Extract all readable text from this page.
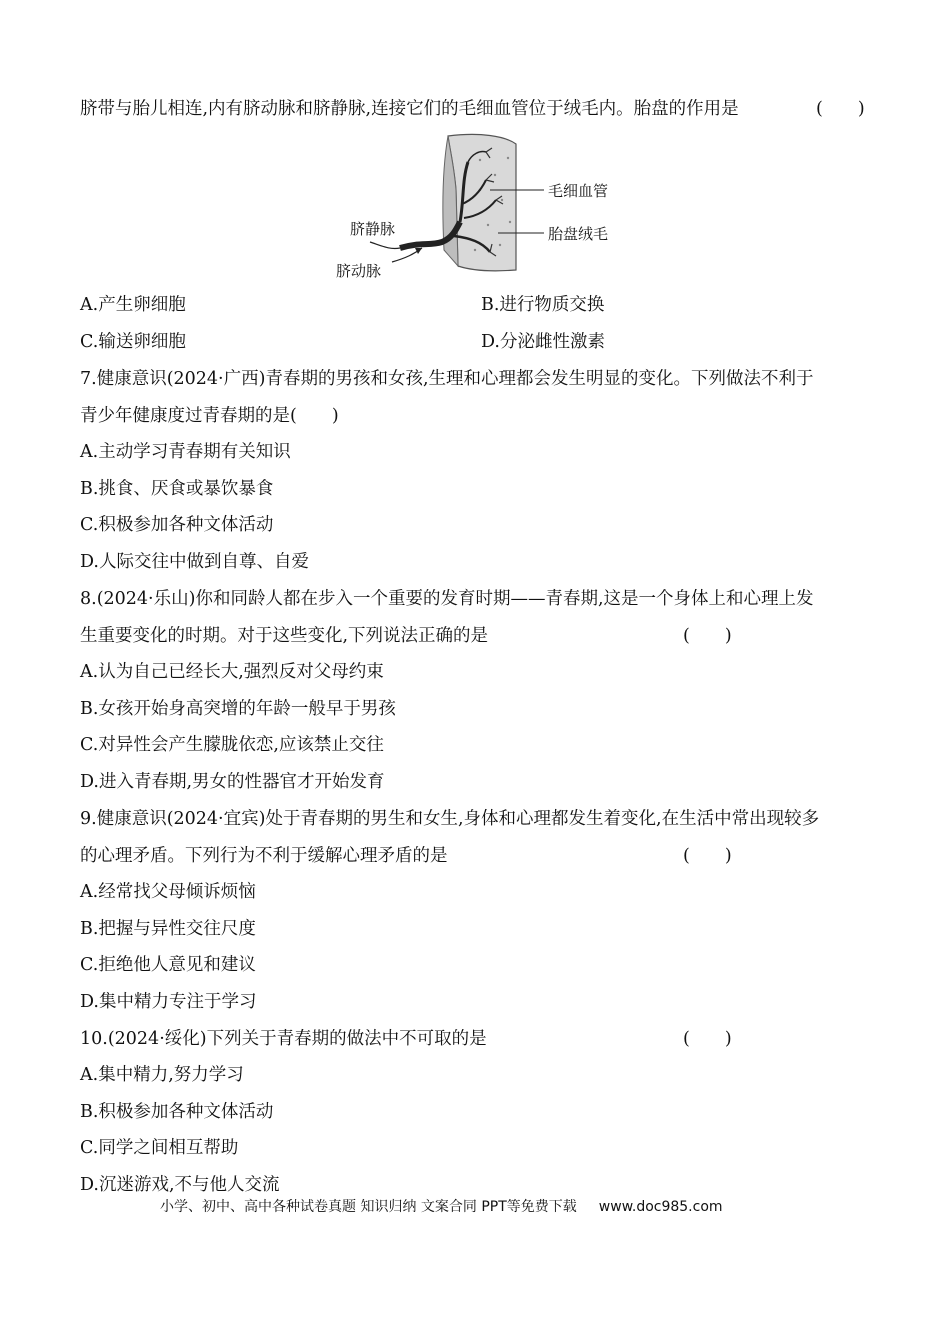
脐带与胎儿相连,内有脐动脉和脐静脉,连接它们的毛细血管位于绒毛内。胎盘的作用是	(　　)
毛细血管
胎盘绒毛
脐静脉
脐动脉
A.产生卵细胞	B.进行物质交换
C.输送卵细胞	D.分泌雌性激素
7.健康意识(2024·广西)青春期的男孩和女孩,生理和心理都会发生明显的变化。下列做法不利于
青少年健康度过青春期的是(　　)
A.主动学习青春期有关知识
B.挑食、厌食或暴饮暴食
C.积极参加各种文体活动
D.人际交往中做到自尊、自爱
8.(2024·乐山)你和同龄人都在步入一个重要的发育时期——青春期,这是一个身体上和心理上发
生重要变化的时期。对于这些变化,下列说法正确的是	(　　)
A.认为自己已经长大,强烈反对父母约束
B.女孩开始身高突增的年龄一般早于男孩
C.对异性会产生朦胧依恋,应该禁止交往
D.进入青春期,男女的性器官才开始发育
9.健康意识(2024·宜宾)处于青春期的男生和女生,身体和心理都发生着变化,在生活中常出现较多
的心理矛盾。下列行为不利于缓解心理矛盾的是	(　　)
A.经常找父母倾诉烦恼
B.把握与异性交往尺度
C.拒绝他人意见和建议
D.集中精力专注于学习
10.(2024·绥化)下列关于青春期的做法中不可取的是	(　　)
A.集中精力,努力学习
B.积极参加各种文体活动
C.同学之间相互帮助
D.沉迷游戏,不与他人交流
小学、初中、高中各种试卷真题 知识归纳 文案合同 PPT等免费下载 www.doc985.com
